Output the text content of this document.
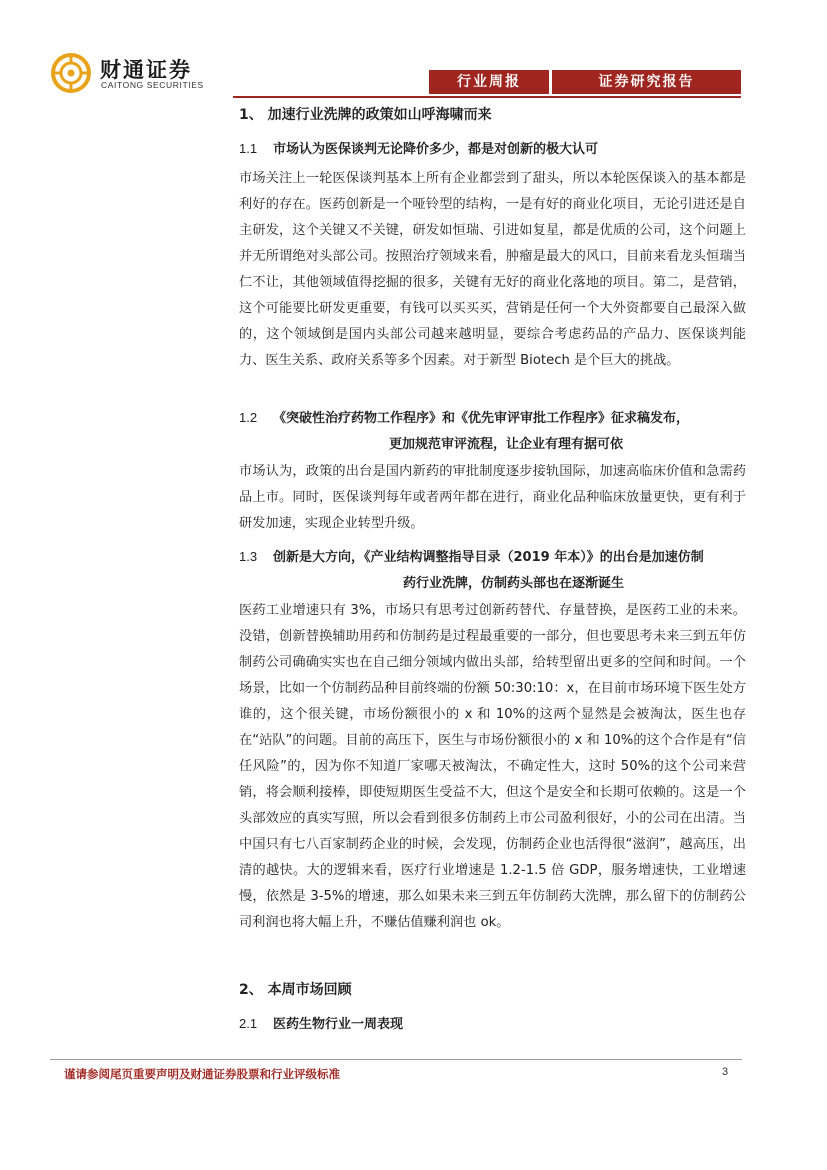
财通证券
CAITONG SECURITIES	行业周报	证券研究报告
1、 加速行业洗牌的政策如山呼海啸而来
1.1 市场认为医保谈判无论降价多少，都是对创新的极大认可
市场关注上一轮医保谈判基本上所有企业都尝到了甜头，所以本轮医保谈入的基本都是利好的存在。医药创新是一个哑铃型的结构，一是有好的商业化项目，无论引进还是自主研发，这个关键又不关键，研发如恒瑞、引进如复星，都是优质的公司，这个问题上并无所谓绝对头部公司。按照治疗领域来看，肿瘤是最大的风口，目前来看龙头恒瑞当仁不让，其他领域值得挖掘的很多，关键有无好的商业化落地的项目。第二，是营销，这个可能要比研发更重要，有钱可以买买买，营销是任何一个大外资都要自己最深入做的，这个领域倒是国内头部公司越来越明显，要综合考虑药品的产品力、医保谈判能力、医生关系、政府关系等多个因素。对于新型 Biotech 是个巨大的挑战。
1.2 《突破性治疗药物工作程序》和《优先审评审批工作程序》征求稿发布，
更加规范审评流程，让企业有理有据可依
市场认为，政策的出台是国内新药的审批制度逐步接轨国际，加速高临床价值和急需药品上市。同时，医保谈判每年或者两年都在进行，商业化品种临床放量更快，更有利于研发加速，实现企业转型升级。
1.3 创新是大方向，《产业结构调整指导目录（2019 年本）》的出台是加速仿制
药行业洗牌，仿制药头部也在逐渐诞生
医药工业增速只有 3%，市场只有思考过创新药替代、存量替换，是医药工业的未来。没错，创新替换辅助用药和仿制药是过程最重要的一部分，但也要思考未来三到五年仿制药公司确确实实也在自己细分领域内做出头部，给转型留出更多的空间和时间。一个场景，比如一个仿制药品种目前终端的份额 50:30:10：x，在目前市场环境下医生处方谁的，这个很关键，市场份额很小的 x 和 10%的这两个显然是会被淘汰，医生也存在“站队”的问题。目前的高压下，医生与市场份额很小的 x 和 10%的这个合作是有“信任风险”的，因为你不知道厂家哪天被淘汰，不确定性大，这时 50%的这个公司来营销，将会顺利接棒，即使短期医生受益不大，但这个是安全和长期可依赖的。这是一个头部效应的真实写照，所以会看到很多仿制药上市公司盈利很好，小的公司在出清。当中国只有七八百家制药企业的时候，会发现，仿制药企业也活得很“滋润”，越高压，出清的越快。大的逻辑来看，医疗行业增速是 1.2-1.5 倍 GDP，服务增速快，工业增速慢，依然是 3-5%的增速，那么如果未来三到五年仿制药大洗牌，那么留下的仿制药公司利润也将大幅上升，不赚估值赚利润也 ok。
2、 本周市场回顾
2.1 医药生物行业一周表现
谨请参阅尾页重要声明及财通证券股票和行业评级标准	3
